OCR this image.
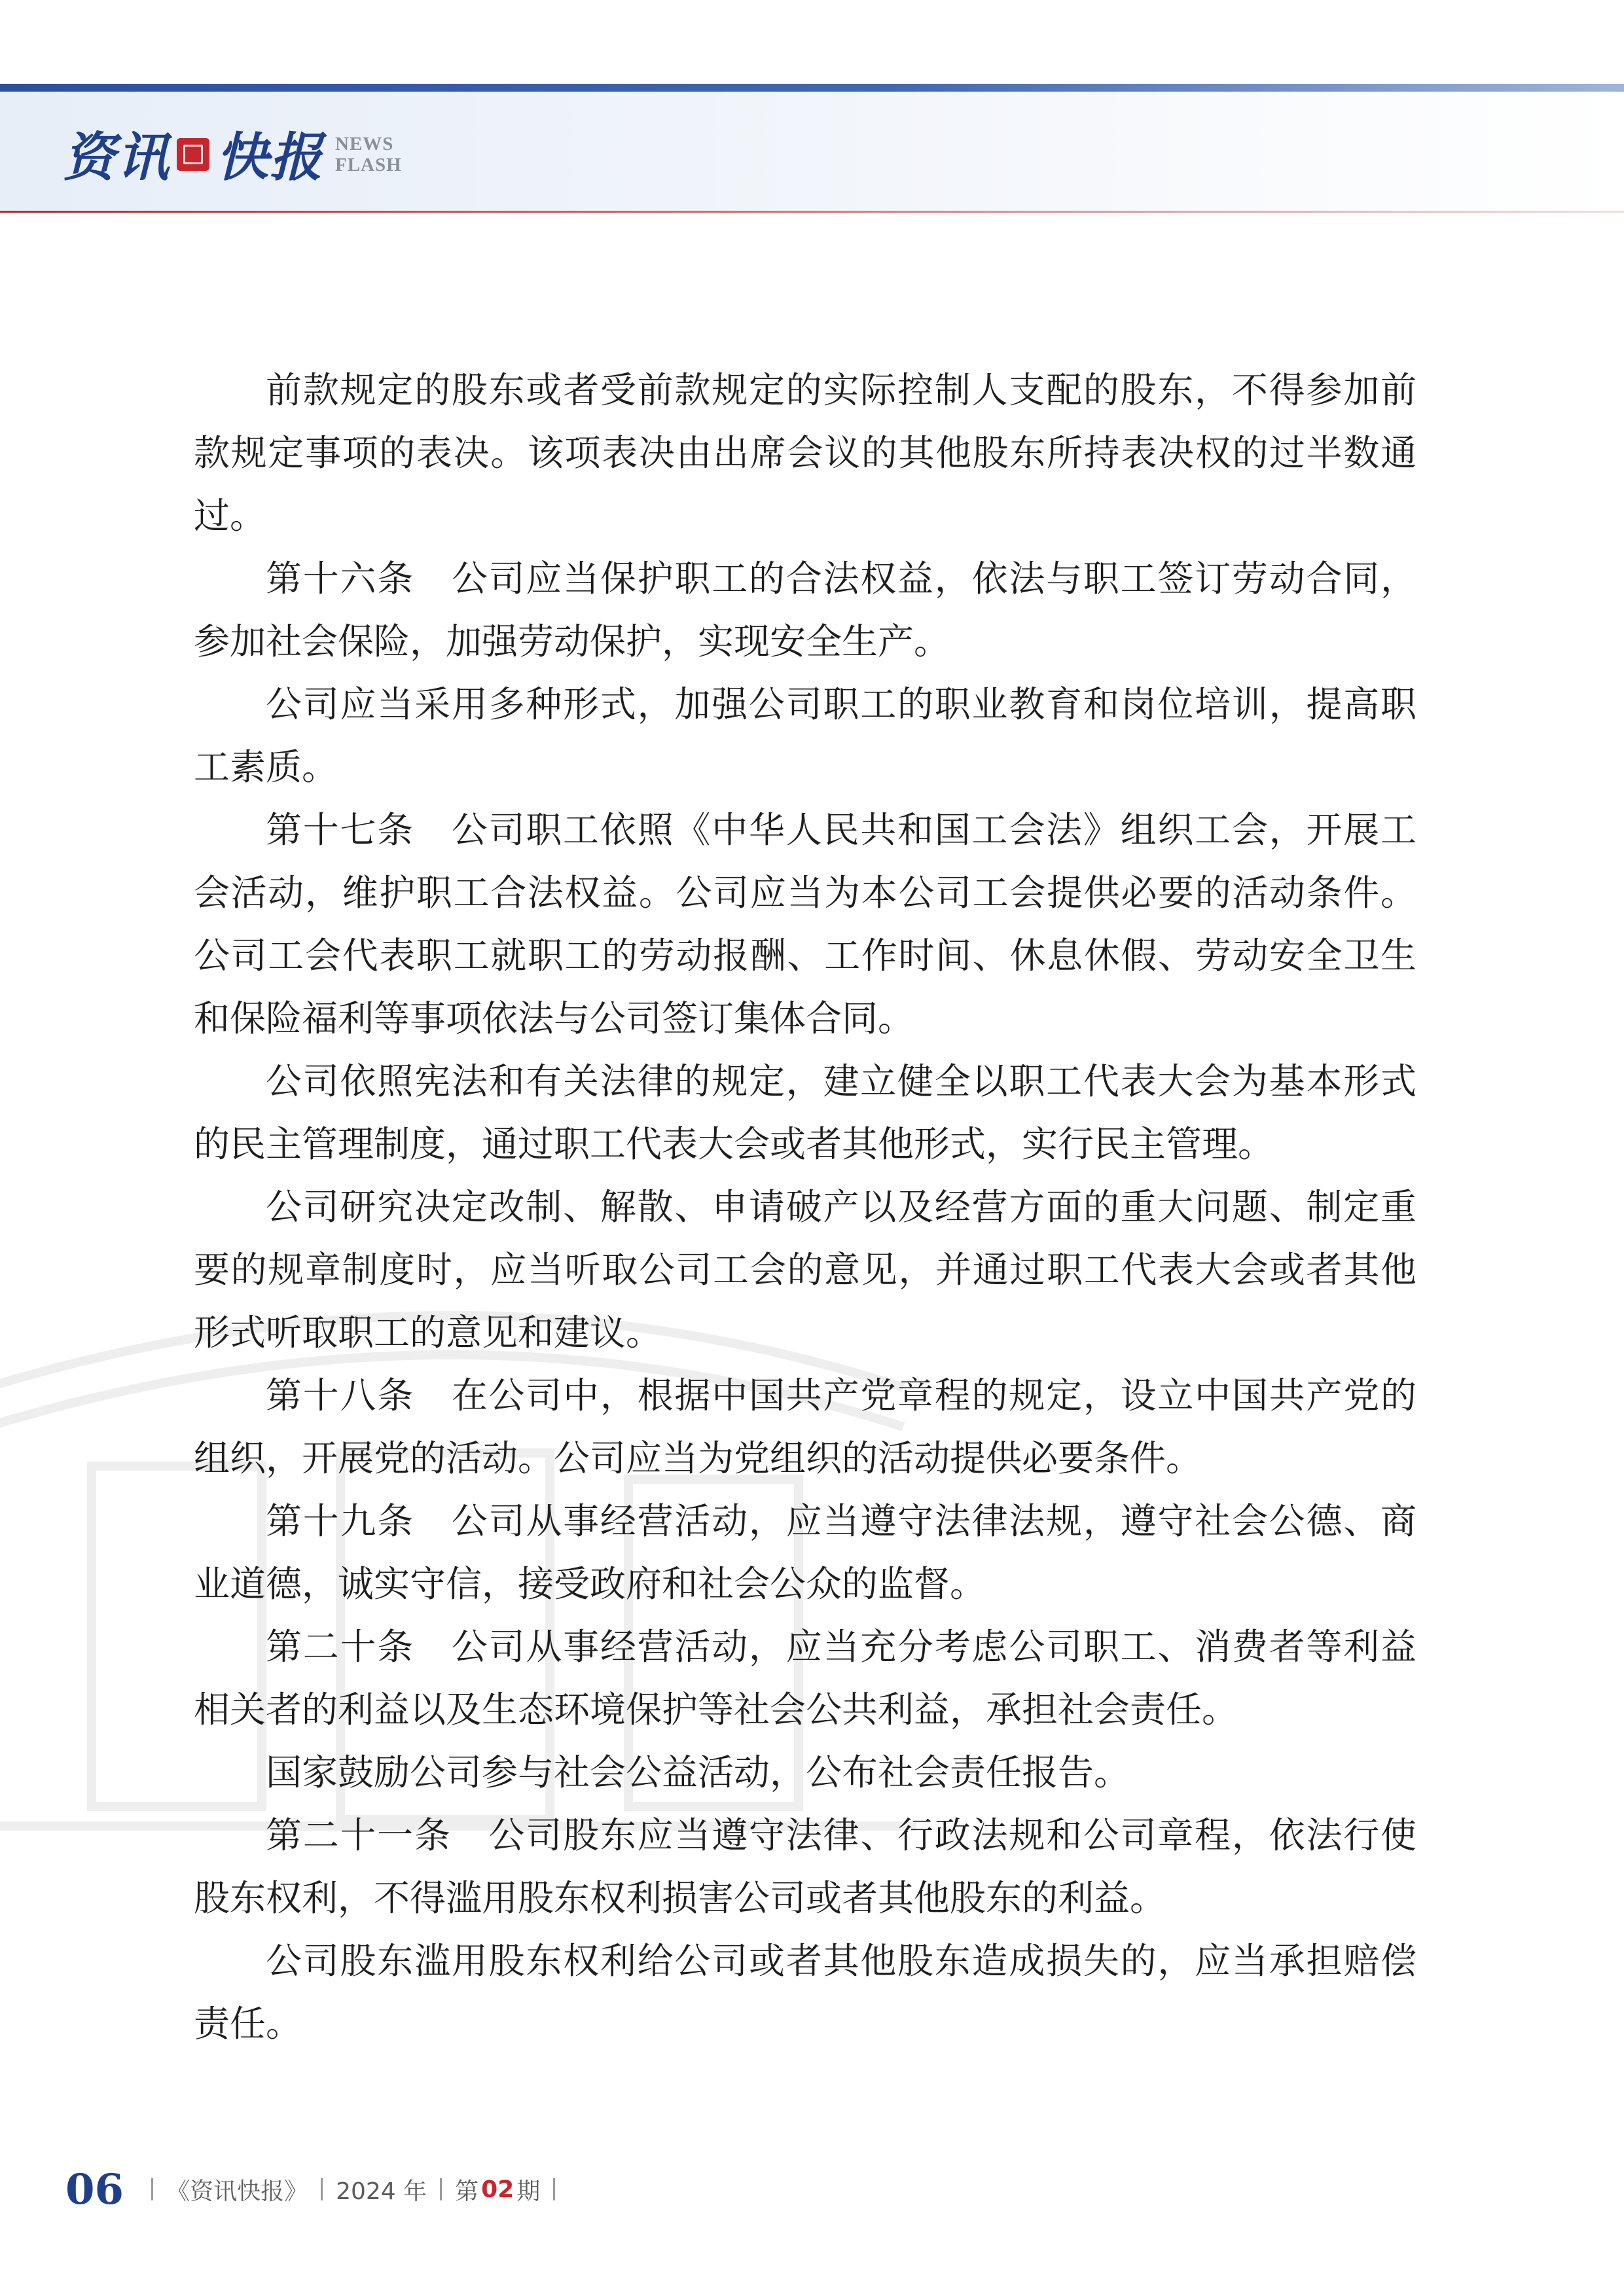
资讯 快报 NEWS
FLASH

前款规定的股东或者受前款规定的实际控制人支配的股东，不得参加前款规定事项的表决。该项表决由出席会议的其他股东所持表决权的过半数通过。

第十六条　公司应当保护职工的合法权益，依法与职工签订劳动合同，参加社会保险，加强劳动保护，实现安全生产。

公司应当采用多种形式，加强公司职工的职业教育和岗位培训，提高职工素质。

第十七条　公司职工依照《中华人民共和国工会法》组织工会，开展工会活动，维护职工合法权益。公司应当为本公司工会提供必要的活动条件。公司工会代表职工就职工的劳动报酬、工作时间、休息休假、劳动安全卫生和保险福利等事项依法与公司签订集体合同。

公司依照宪法和有关法律的规定，建立健全以职工代表大会为基本形式的民主管理制度，通过职工代表大会或者其他形式，实行民主管理。

公司研究决定改制、解散、申请破产以及经营方面的重大问题、制定重要的规章制度时，应当听取公司工会的意见，并通过职工代表大会或者其他形式听取职工的意见和建议。

第十八条　在公司中，根据中国共产党章程的规定，设立中国共产党的组织，开展党的活动。公司应当为党组织的活动提供必要条件。

第十九条　公司从事经营活动，应当遵守法律法规，遵守社会公德、商业道德，诚实守信，接受政府和社会公众的监督。

第二十条　公司从事经营活动，应当充分考虑公司职工、消费者等利益相关者的利益以及生态环境保护等社会公共利益，承担社会责任。

国家鼓励公司参与社会公益活动，公布社会责任报告。

第二十一条　公司股东应当遵守法律、行政法规和公司章程，依法行使股东权利，不得滥用股东权利损害公司或者其他股东的利益。

公司股东滥用股东权利给公司或者其他股东造成损失的，应当承担赔偿责任。

06 《资讯快报》 2024 年 第 02 期
